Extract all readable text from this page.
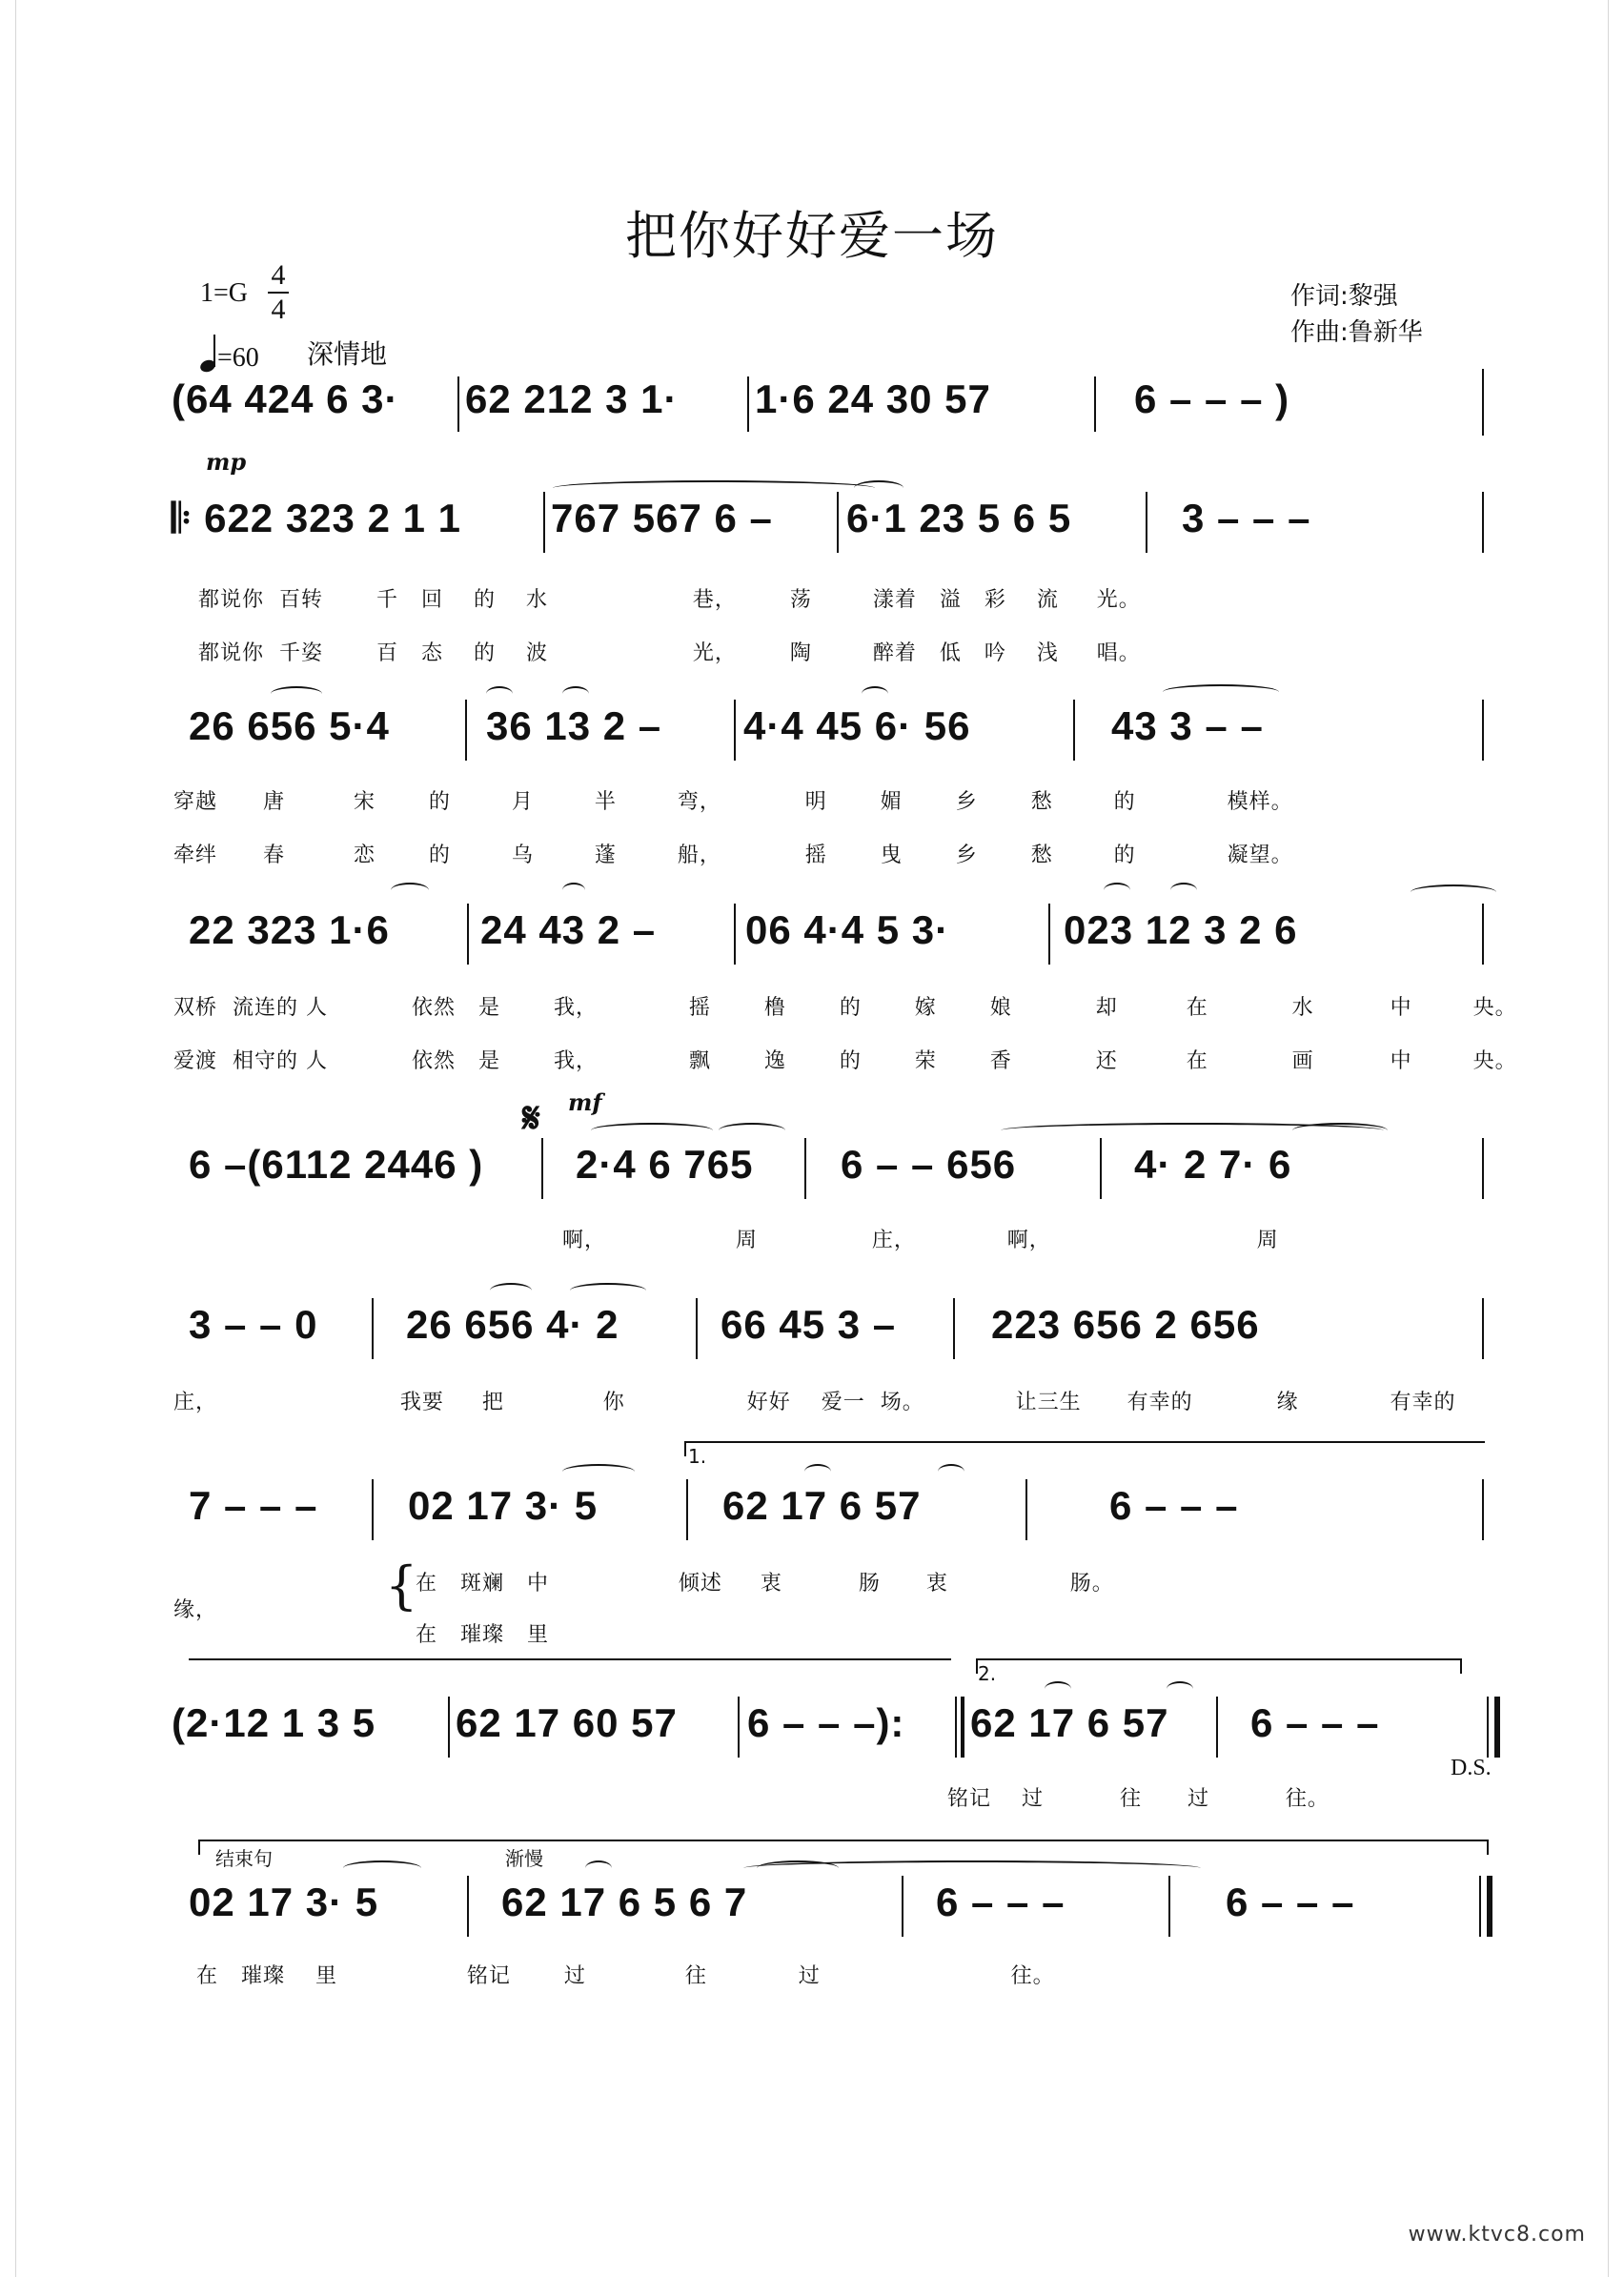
把你好好爱一场
1=G
4
4
=60 深情地
作词:黎强
作曲:鲁新华
(64 424 6 3· 62 212 3 1· 1·6 24 30 57	6 – – – )
mp
𝄆 622 323 2 1 1 767 567 6 – 6·1 23 5 6 5	3 – – –
都说你 百转	千 回 的 水	巷，	荡	漾着 溢 彩 流 光。
都说你 千姿	百 态 的 波	光，	陶	醉着 低 吟 浅 唱。
26 656 5·4 36 13 2 – 4·4 45 6· 56	43 3 – –
穿越 唐	宋	的	月	半	弯，	明	媚	乡	愁	的	模样。
牵绊 春	恋	的	乌	蓬	船，	摇	曳	乡	愁	的	凝望。
22 323 1·6 24 43 2 – 06 4·4 5 3·	023 12 3 2 6
双桥 流连的 人	依然 是	我，	摇	橹	的	嫁	娘	却	在	水	中	央。
爱渡 相守的 人	依然 是	我，	飘	逸	的	荣	香	还	在	画	中	央。
𝄋 mf
6 –(6112 2446 ) 2·4 6 765 6 – – 656	4· 2 7· 6
啊，	周	庄，	啊，	周
3 – – 0 26 656 4· 2	66 45 3 – 223 656 2 656
庄，	我要 把	你	好好 爱一 场。	让三生 有幸的	缘	有幸的
1.
7 – – – 02 17 3· 5	62 17 6 57	6 – – –
缘，	{
在 斑斓 中	倾述 衷	肠 衷	肠。
在 璀璨 里
2.
(2·12 1 3 5 62 17 60 57 6 – – –): 62 17 6 57 6 – – –
铭记 过	往 过	往。
D.S.
结束句	渐慢
02 17 3· 5	62 17 6 5 6 7	6 – – –	6 – – –
在 璀璨 里	铭记	过	往	过	往。
www.ktvc8.com
